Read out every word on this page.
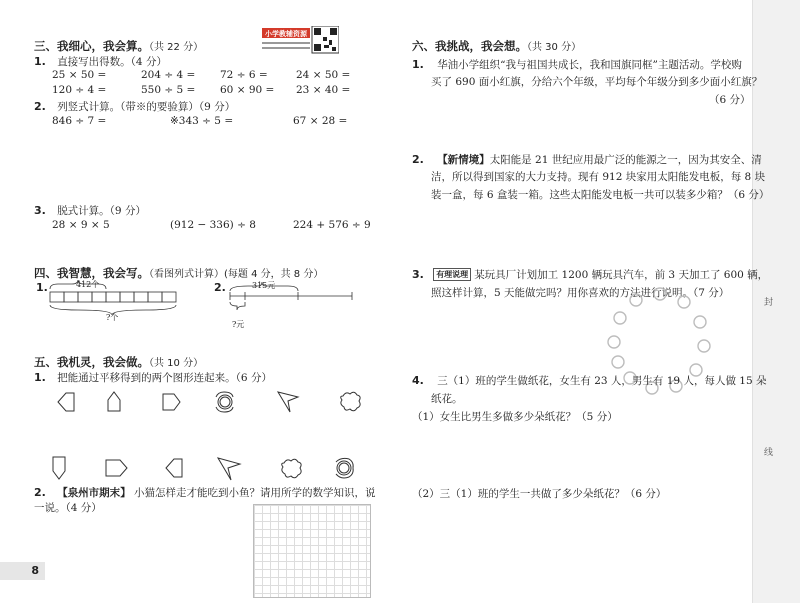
封
线
小学教辅资源
三、我细心，我会算。（共 22 分）
1. 直接写出得数。（4 分）
25 × 50 =	204 ÷ 4 = 72 ÷ 6 =	24 × 50 =
120 ÷ 4 =	550 ÷ 5 = 60 × 90 = 23 × 40 =
2. 列竖式计算。（带※的要验算）（9 分）
846 ÷ 7 =	※343 ÷ 5 =	67 × 28 =
3. 脱式计算。（9 分）
28 × 9 × 5	(912 − 336) ÷ 8	224 + 576 ÷ 9
四、我智慧，我会写。（看图列式计算）(每题 4 分，共 8 分）
1.	2.
412个
?个
315元
?元
五、我机灵，我会做。（共 10 分）
1. 把能通过平移得到的两个图形连起来。（6 分）
2. 【泉州市期末】 小猫怎样走才能吃到小鱼？请用所学的数学知识，说
一说。（4 分）
六、我挑战，我会想。（共 30 分）
1. 华油小学组织“我与祖国共成长，我和国旗同框”主题活动。学校购
买了 690 面小红旗，分给六个年级，平均每个年级分到多少面小红旗？
（6 分）
2. 【新情境】太阳能是 21 世纪应用最广泛的能源之一，因为其安全、清
洁，所以得到国家的大力支持。现有 912 块家用太阳能发电板，每 8 块
装一盒，每 6 盒装一箱。这些太阳能发电板一共可以装多少箱？（6 分）
3. 有理说理 某玩具厂计划加工 1200 辆玩具汽车，前 3 天加工了 600 辆，
照这样计算，5 天能做完吗？用你喜欢的方法进行说明。（7 分）
4. 三（1）班的学生做纸花，女生有 23 人，男生有 19 人，每人做 15 朵
纸花。
（1）女生比男生多做多少朵纸花？（5 分）
（2）三（1）班的学生一共做了多少朵纸花？（6 分）
8
